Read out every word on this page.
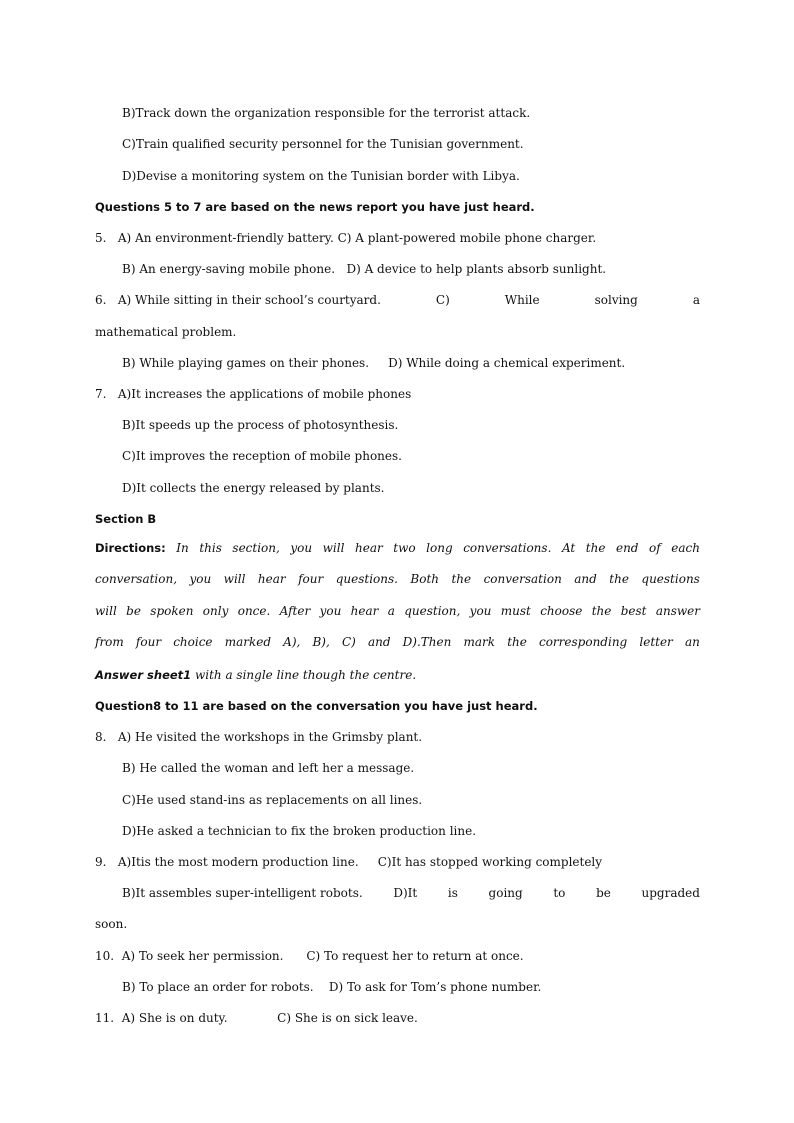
B)Track down the organization responsible for the terrorist attack.
C)Train qualified security personnel for the Tunisian government.
D)Devise a monitoring system on the Tunisian border with Libya.
Questions 5 to 7 are based on the news report you have just heard.
5.   A) An environment-friendly battery. C) A plant-powered mobile phone charger.
B) An energy-saving mobile phone.   D) A device to help plants absorb sunlight.
6.   A) While sitting in their school’s courtyard.	C)	While	solving	a
mathematical problem.
B) While playing games on their phones.     D) While doing a chemical experiment.
7.   A)It increases the applications of mobile phones
B)It speeds up the process of photosynthesis.
C)It improves the reception of mobile phones.
D)It collects the energy released by plants.
Section B
Directions: In this section, you will hear two long conversations. At the end of each
conversation, you will hear four questions. Both the conversation and the questions
will be spoken only once. After you hear a question, you must choose the best answer
from four choice marked A), B), C) and D).Then mark the corresponding letter an
Answer sheet1 with a single line though the centre.
Question8 to 11 are based on the conversation you have just heard.
8.   A) He visited the workshops in the Grimsby plant.
B) He called the woman and left her a message.
C)He used stand-ins as replacements on all lines.
D)He asked a technician to fix the broken production line.
9.   A)Itis the most modern production line.     C)It has stopped working completely
B)It assembles super-intelligent robots.	D)It	is	going	to	be	upgraded
soon.
10.  A) To seek her permission.      C) To request her to return at once.
B) To place an order for robots.    D) To ask for Tom’s phone number.
11.  A) She is on duty.             C) She is on sick leave.
